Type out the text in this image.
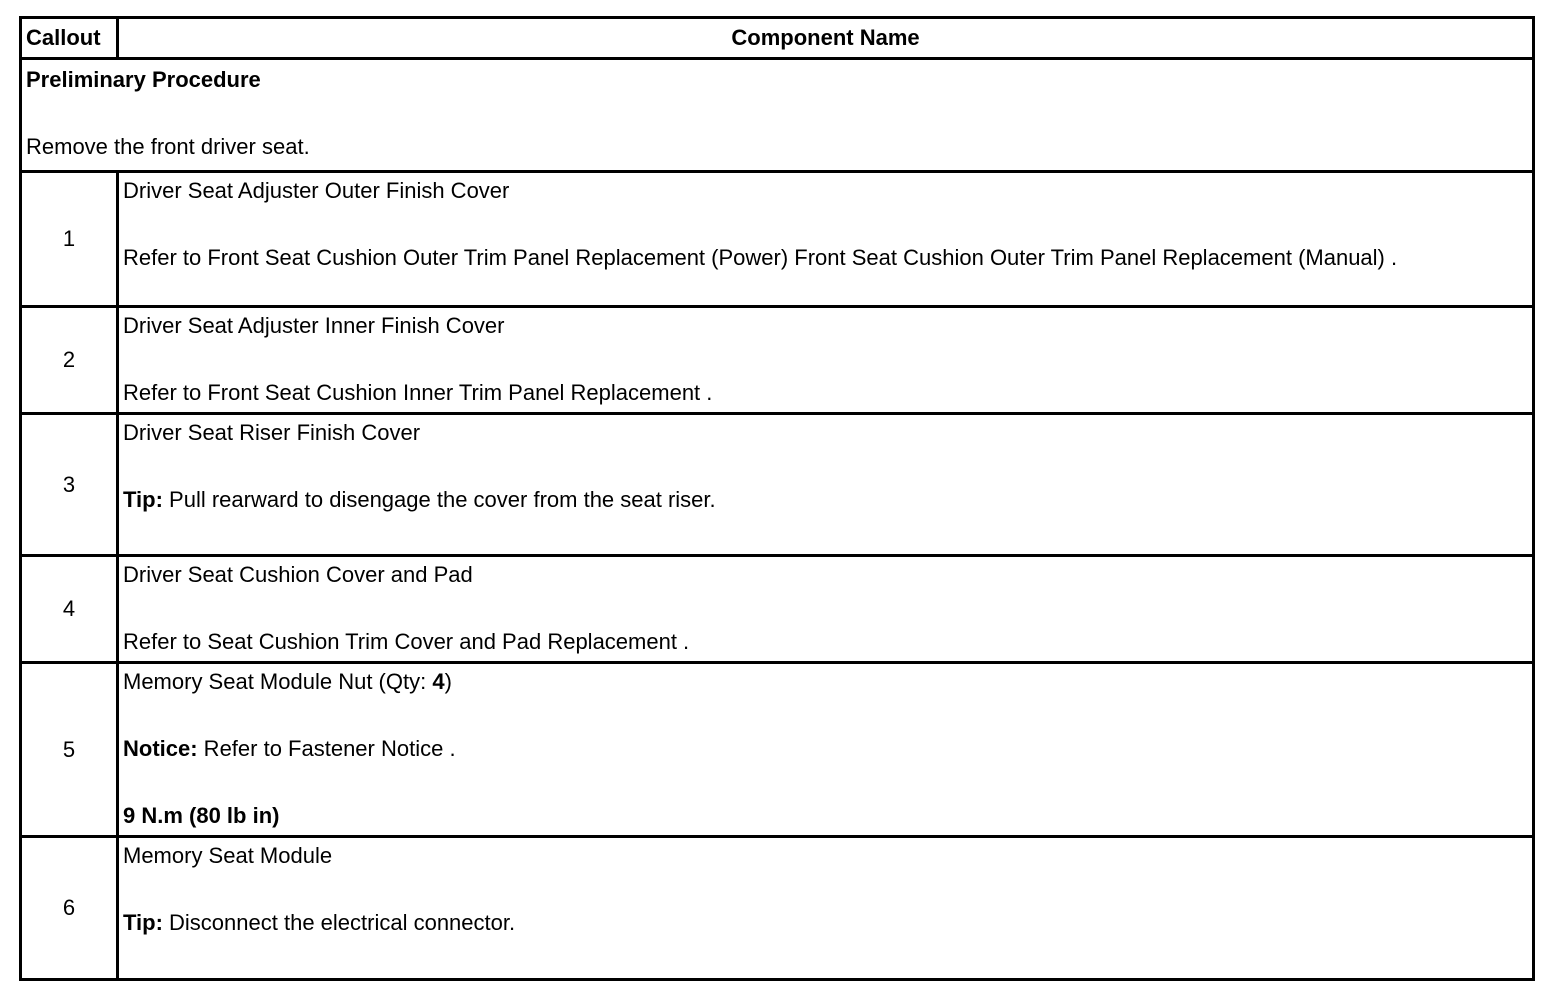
Callout	Component Name

Preliminary Procedure
Remove the front driver seat.	

1	Driver Seat Adjuster Outer Finish Cover
Refer to Front Seat Cushion Outer Trim Panel Replacement (Power) Front Seat Cushion Outer Trim Panel Replacement (Manual) .

2	Driver Seat Adjuster Inner Finish Cover
Refer to Front Seat Cushion Inner Trim Panel Replacement .

3	Driver Seat Riser Finish Cover
Tip: Pull rearward to disengage the cover from the seat riser.

4	Driver Seat Cushion Cover and Pad
Refer to Seat Cushion Trim Cover and Pad Replacement .

5	Memory Seat Module Nut (Qty: 4)
Notice: Refer to Fastener Notice .
9 N.m (80 lb in)

6	Memory Seat Module
Tip: Disconnect the electrical connector.
